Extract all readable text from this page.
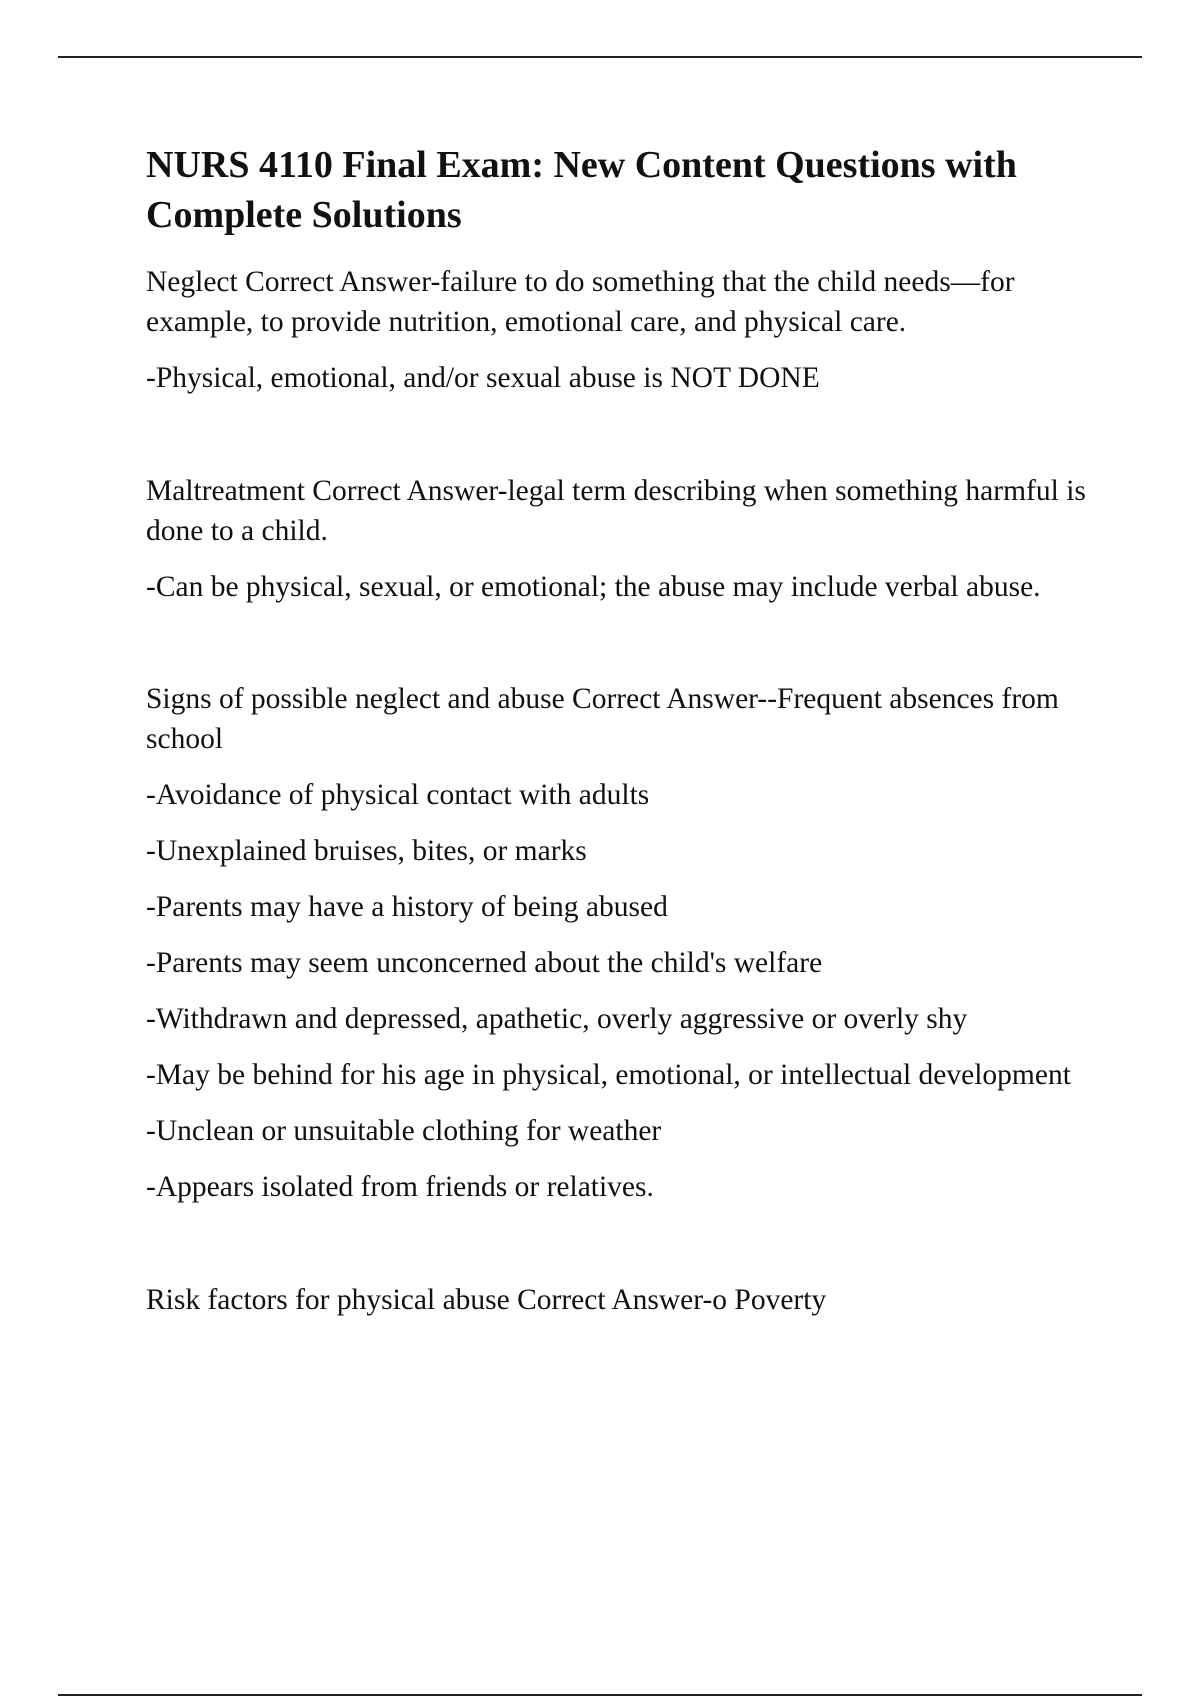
NURS 4110 Final Exam: New Content Questions with
Complete Solutions

Neglect Correct Answer-failure to do something that the child needs—for example, to provide nutrition, emotional care, and physical care.

-Physical, emotional, and/or sexual abuse is NOT DONE

Maltreatment Correct Answer-legal term describing when something harmful is done to a child.

-Can be physical, sexual, or emotional; the abuse may include verbal abuse.

Signs of possible neglect and abuse Correct Answer--Frequent absences from school

-Avoidance of physical contact with adults

-Unexplained bruises, bites, or marks

-Parents may have a history of being abused

-Parents may seem unconcerned about the child's welfare

-Withdrawn and depressed, apathetic, overly aggressive or overly shy

-May be behind for his age in physical, emotional, or intellectual development

-Unclean or unsuitable clothing for weather

-Appears isolated from friends or relatives.

Risk factors for physical abuse Correct Answer-o Poverty
